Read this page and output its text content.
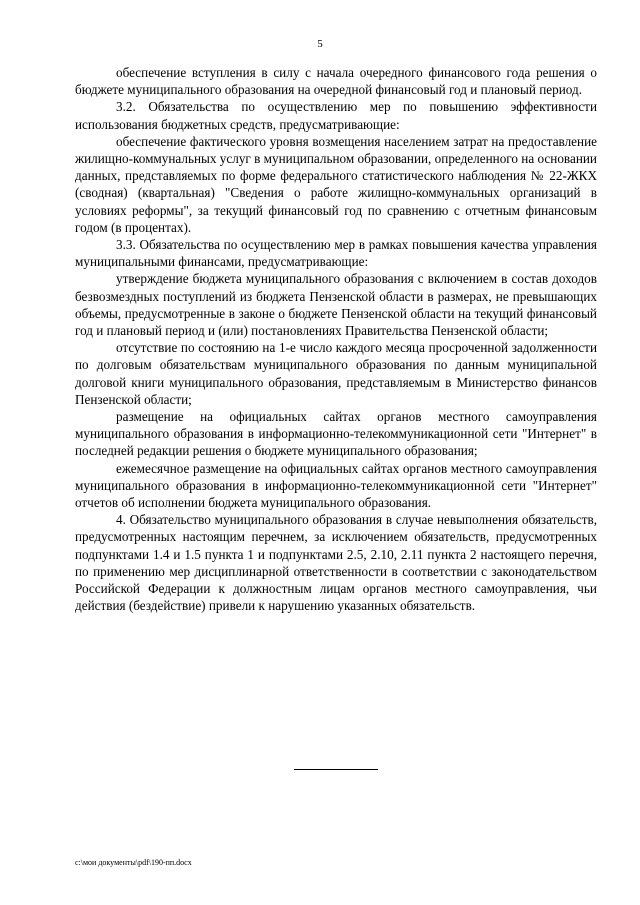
5

обеспечение вступления в силу с начала очередного финансового года решения о бюджете муниципального образования на очередной финансовый год и плановый период.

3.2. Обязательства по осуществлению мер по повышению эффективности использования бюджетных средств, предусматривающие:

обеспечение фактического уровня возмещения населением затрат на предоставление жилищно-коммунальных услуг в муниципальном образовании, определенного на основании данных, представляемых по форме федерального статистического наблюдения № 22-ЖКХ (сводная) (квартальная) "Сведения о работе жилищно-коммунальных организаций в условиях реформы", за текущий финансовый год по сравнению с отчетным финансовым годом (в процентах).

3.3. Обязательства по осуществлению мер в рамках повышения качества управления муниципальными финансами, предусматривающие:

утверждение бюджета муниципального образования с включением в состав доходов безвозмездных поступлений из бюджета Пензенской области в размерах, не превышающих объемы, предусмотренные в законе о бюджете Пензенской области на текущий финансовый год и плановый период и (или) постановлениях Правительства Пензенской области;

отсутствие по состоянию на 1-е число каждого месяца просроченной задолженности по долговым обязательствам муниципального образования по данным муниципальной долговой книги муниципального образования, представляемым в Министерство финансов Пензенской области;

размещение на официальных сайтах органов местного самоуправления муниципального образования в информационно-телекоммуникационной сети "Интернет" в последней редакции решения о бюджете муниципального образования;

ежемесячное размещение на официальных сайтах органов местного самоуправления муниципального образования в информационно-телекоммуникационной сети "Интернет" отчетов об исполнении бюджета муниципального образования.

4. Обязательство муниципального образования в случае невыполнения обязательств, предусмотренных настоящим перечнем, за исключением обязательств, предусмотренных подпунктами 1.4 и 1.5 пункта 1 и подпунктами 2.5, 2.10, 2.11 пункта 2 настоящего перечня, по применению мер дисциплинарной ответственности в соответствии с законодательством Российской Федерации к должностным лицам органов местного самоуправления, чьи действия (бездействие) привели к нарушению указанных обязательств.

c:\мои документы\pdf\190-пп.docx
